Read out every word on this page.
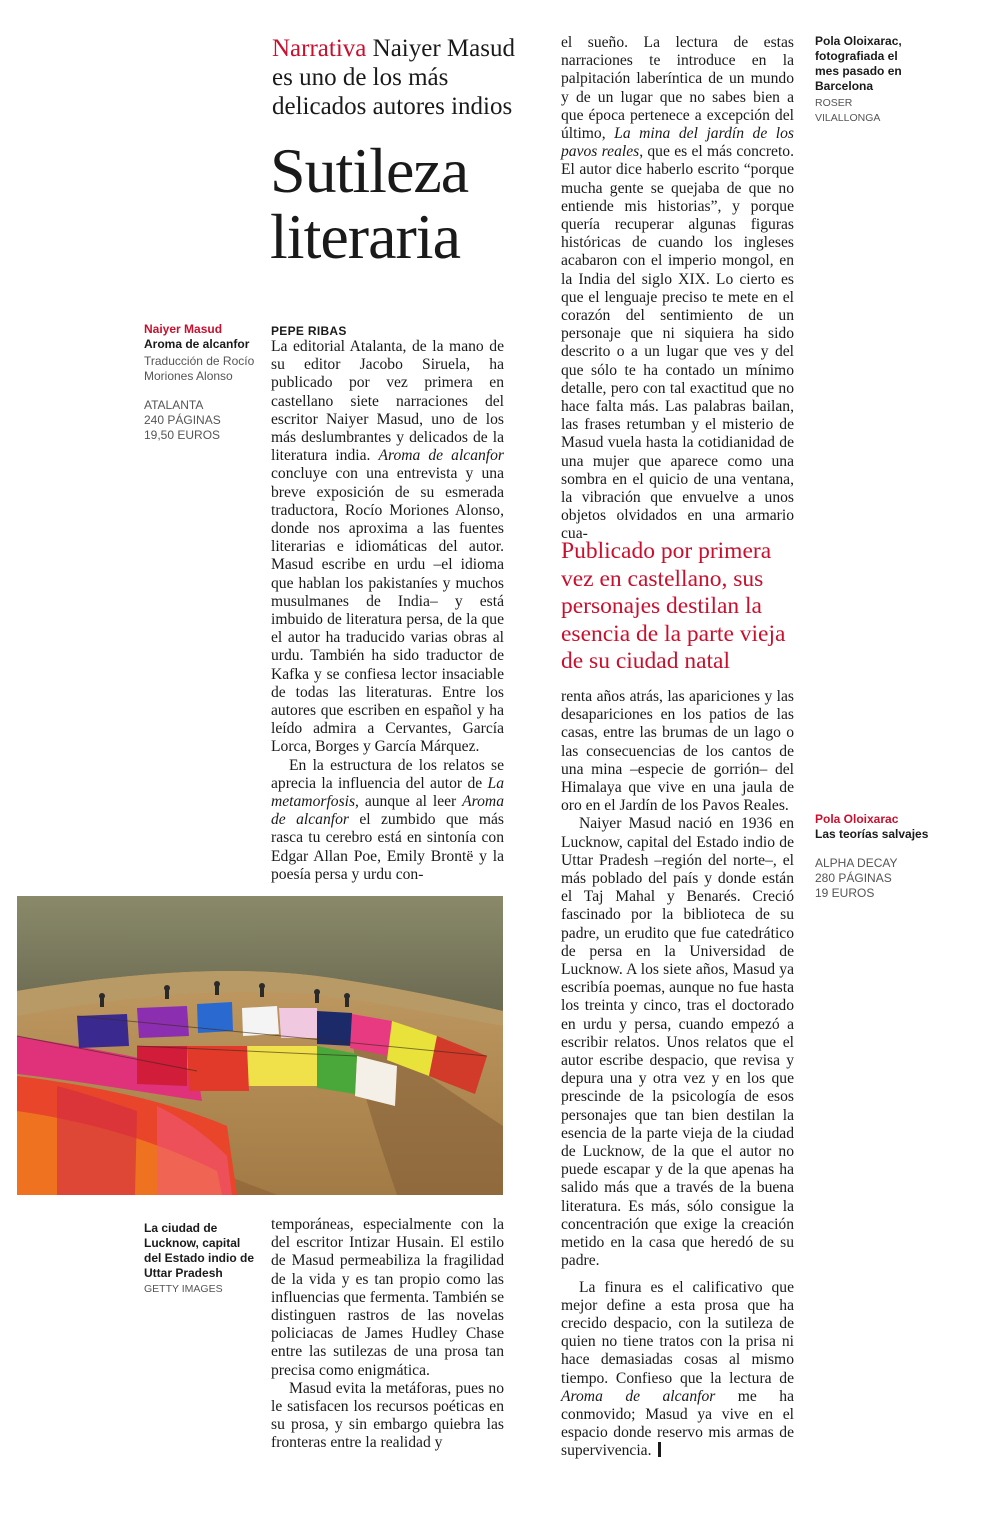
Narrativa Naiyer Masud es uno de los más delicados autores indios
Sutileza literaria
Naiyer Masud
Aroma de alcanfor
Traducción de Rocío Moriones Alonso
ATALANTA
240 PÁGINAS
19,50 EUROS
Pola Oloixarac, fotografiada el mes pasado en Barcelona
ROSER VILALLONGA
Pola Oloixarac
Las teorías salvajes
ALPHA DECAY
280 PÁGINAS
19 EUROS
PEPE RIBAS

La editorial Atalanta, de la mano de su editor Jacobo Siruela, ha publicado por vez primera en castellano siete narraciones del escritor Naiyer Masud, uno de los más deslumbrantes y delicados de la literatura india. Aroma de alcanfor concluye con una entrevista y una breve exposición de su esmerada traductora, Rocío Moriones Alonso, donde nos aproxima a las fuentes literarias e idiomáticas del autor. Masud escribe en urdu –el idioma que hablan los pakistaníes y muchos musulmanes de India– y está imbuido de literatura persa, de la que el autor ha traducido varias obras al urdu. También ha sido traductor de Kafka y se confiesa lector insaciable de todas las literaturas. Entre los autores que escriben en español y ha leído admira a Cervantes, García Lorca, Borges y García Márquez.

En la estructura de los relatos se aprecia la influencia del autor de La metamorfosis, aunque al leer Aroma de alcanfor el zumbido que más rasca tu cerebro está en sintonía con Edgar Allan Poe, Emily Brontë y la poesía persa y urdu con-

La ciudad de Lucknow, capital del Estado indio de Uttar Pradesh
GETTY IMAGES

temporáneas, especialmente con la del escritor Intizar Husain. El estilo de Masud permeabiliza la fragilidad de la vida y es tan propio como las influencias que fermenta. También se distinguen rastros de las novelas policiacas de James Hudley Chase entre las sutilezas de una prosa tan precisa como enigmática.

Masud evita la metáforas, pues no le satisfacen los recursos poéticas en su prosa, y sin embargo quiebra las fronteras entre la realidad y

el sueño. La lectura de estas narraciones te introduce en la palpitación laberíntica de un mundo y de un lugar que no sabes bien a que época pertenece a excepción del último, La mina del jardín de los pavos reales, que es el más concreto. El autor dice haberlo escrito “porque mucha gente se quejaba de que no entiende mis historias”, y porque quería recuperar algunas figuras históricas de cuando los ingleses acabaron con el imperio mongol, en la India del siglo XIX. Lo cierto es que el lenguaje preciso te mete en el corazón del sentimiento de un personaje que ni siquiera ha sido descrito o a un lugar que ves y del que sólo te ha contado un mínimo detalle, pero con tal exactitud que no hace falta más. Las palabras bailan, las frases retumban y el misterio de Masud vuela hasta la cotidianidad de una mujer que aparece como una sombra en el quicio de una ventana, la vibración que envuelve a unos objetos olvidados en una armario cua-

Publicado por primera vez en castellano, sus personajes destilan la esencia de la parte vieja de su ciudad natal

renta años atrás, las apariciones y las desapariciones en los patios de las casas, entre las brumas de un lago o las consecuencias de los cantos de una mina –especie de gorrión– del Himalaya que vive en una jaula de oro en el Jardín de los Pavos Reales.

Naiyer Masud nació en 1936 en Lucknow, capital del Estado indio de Uttar Pradesh –región del norte–, el más poblado del país y donde están el Taj Mahal y Benarés. Creció fascinado por la biblioteca de su padre, un erudito que fue catedrático de persa en la Universidad de Lucknow. A los siete años, Masud ya escribía poemas, aunque no fue hasta los treinta y cinco, tras el doctorado en urdu y persa, cuando empezó a escribir relatos. Unos relatos que el autor escribe despacio, que revisa y depura una y otra vez y en los que prescinde de la psicología de esos personajes que tan bien destilan la esencia de la parte vieja de la ciudad de Lucknow, de la que el autor no puede escapar y de la que apenas ha salido más que a través de la buena literatura. Es más, sólo consigue la concentración que exige la creación metido en la casa que heredó de su padre.

La finura es el calificativo que mejor define a esta prosa que ha crecido despacio, con la sutileza de quien no tiene tratos con la prisa ni hace demasiadas cosas al mismo tiempo. Confieso que la lectura de Aroma de alcanfor me ha conmovido; Masud ya vive en el espacio donde reservo mis armas de supervivencia.
